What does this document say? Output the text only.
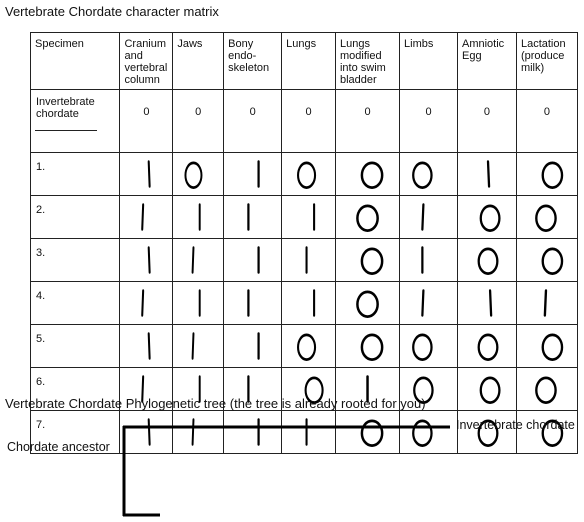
Vertebrate Chordate character matrix
Specimen	Cranium
and
vertebral
column	Jaws	Bony
endo-
skeleton	Lungs	Lungs
modified
into swim
bladder	Limbs	Amniotic
Egg	Lactation
(produce
milk)

Invertebrate
chordate	0	0	0	0	0	0	0	0
1.	

2.	

3.	

4.	

5.	

6.	

7.	

Vertebrate Chordate Phylogenetic tree (the tree is already rooted for you)
Chordate ancestor
Invertebrate chordate
